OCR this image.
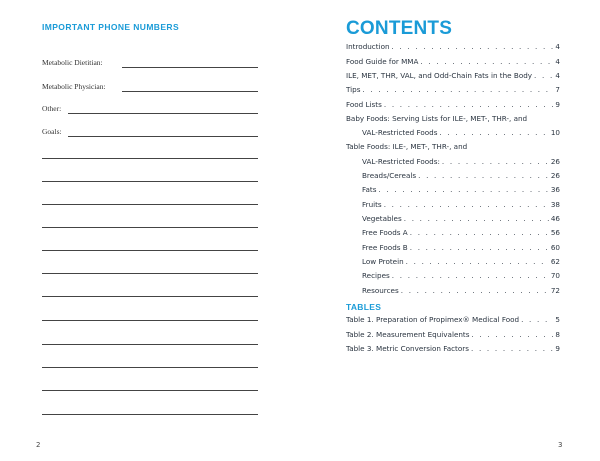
IMPORTANT PHONE NUMBERS
Metabolic Dietitian:
Metabolic Physician:
Other:
Goals:
2
CONTENTS
Introduction . . .	4
Food Guide for MMA . . .	4
ILE, MET, THR, VAL, and Odd-Chain Fats in the Body . . .	4
Tips . . .	7
Food Lists . . .	9
Baby Foods: Serving Lists for ILE-, MET-, THR-, and
VAL-Restricted Foods . . .	10
Table Foods: ILE-, MET-, THR-, and
VAL-Restricted Foods: . . .	26
Breads/Cereals . . .	26
Fats . . .	36
Fruits . . .	38
Vegetables . . .	46
Free Foods A . . .	56
Free Foods B . . .	60
Low Protein . . .	62
Recipes . . .	70
Resources . . .	72
TABLES
Table 1. Preparation of Propimex® Medical Food . . .	5
Table 2. Measurement Equivalents . . .	8
Table 3. Metric Conversion Factors . . .	9
3
